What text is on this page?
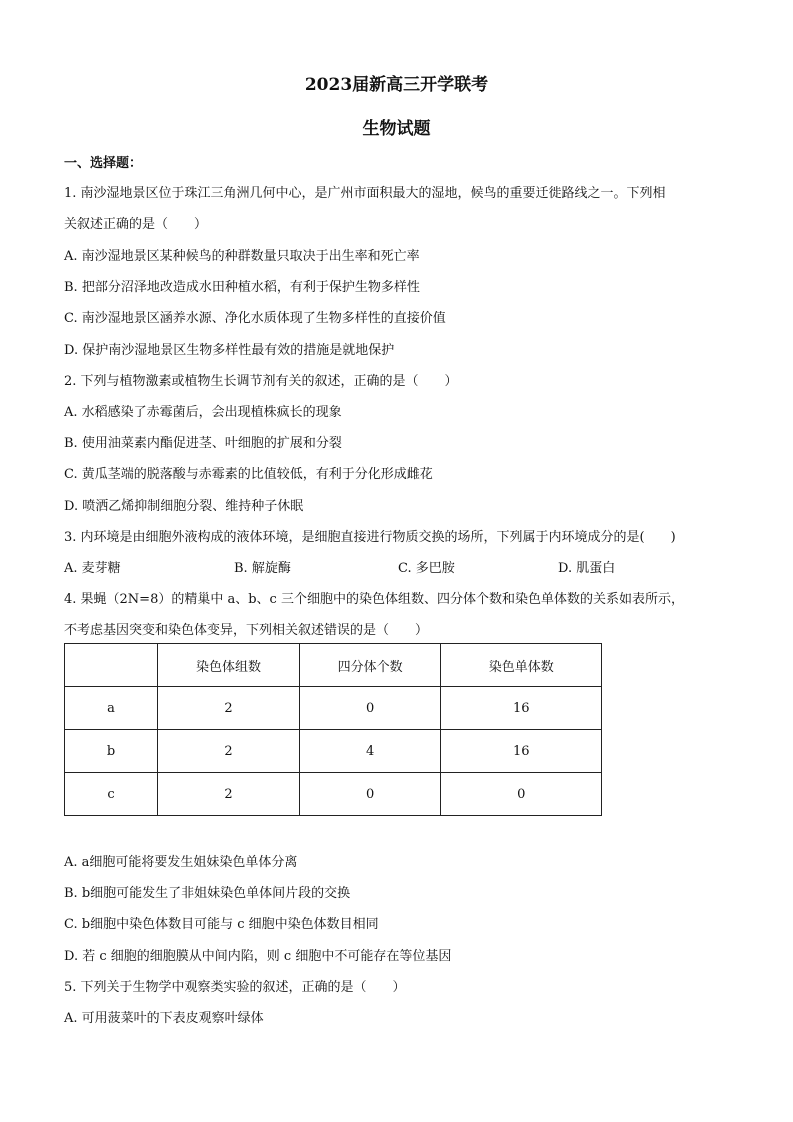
2023届新高三开学联考
生物试题
一、选择题：
1. 南沙湿地景区位于珠江三角洲几何中心，是广州市面积最大的湿地，候鸟的重要迁徙路线之一。下列相
关叙述正确的是（　　）
A. 南沙湿地景区某种候鸟的种群数量只取决于出生率和死亡率
B. 把部分沼泽地改造成水田种植水稻，有利于保护生物多样性
C. 南沙湿地景区涵养水源、净化水质体现了生物多样性的直接价值
D. 保护南沙湿地景区生物多样性最有效的措施是就地保护
2. 下列与植物激素或植物生长调节剂有关的叙述，正确的是（　　）
A. 水稻感染了赤霉菌后，会出现植株疯长的现象
B. 使用油菜素内酯促进茎、叶细胞的扩展和分裂
C. 黄瓜茎端的脱落酸与赤霉素的比值较低，有利于分化形成雌花
D. 喷洒乙烯抑制细胞分裂、维持种子休眠
3. 内环境是由细胞外液构成的液体环境，是细胞直接进行物质交换的场所，下列属于内环境成分的是(　　)
A. 麦芽糖	B. 解旋酶	C. 多巴胺	D. 肌蛋白
4. 果蝇（2N=8）的精巢中 a、b、c 三个细胞中的染色体组数、四分体个数和染色单体数的关系如表所示，
不考虑基因突变和染色体变异，下列相关叙述错误的是（　　）
	染色体组数	四分体个数	染色单体数
a	2	0	16
b	2	4	16
c	2	0	0
A. a细胞可能将要发生姐妹染色单体分离
B. b细胞可能发生了非姐妹染色单体间片段的交换
C. b细胞中染色体数目可能与 c 细胞中染色体数目相同
D. 若 c 细胞的细胞膜从中间内陷，则 c 细胞中不可能存在等位基因
5. 下列关于生物学中观察类实验的叙述，正确的是（　　）
A. 可用菠菜叶的下表皮观察叶绿体
